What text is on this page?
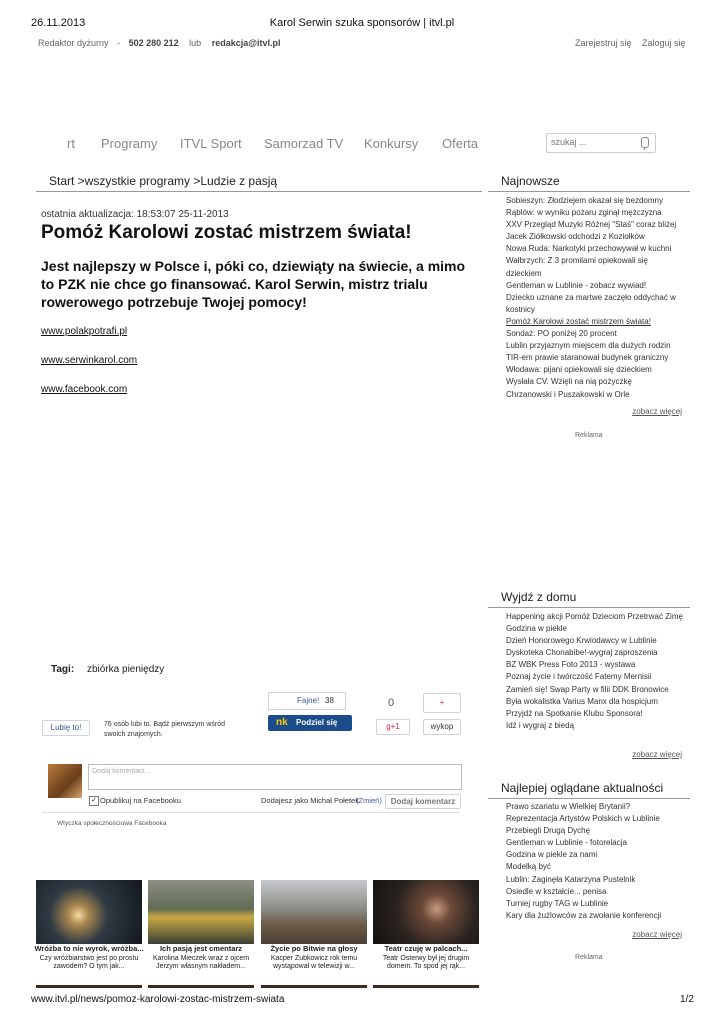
26.11.2013	Karol Serwin szuka sponsorów | itvl.pl
Redaktor dyżurny - 502 280 212 lub redakcja@itvl.pl	Zarejestruj się Zaloguj się
rt Programy ITVL Sport Samorzad TV Konkursy Oferta	szukaj ...
Start >wszystkie programy >Ludzie z pasją
ostatnia aktualizacja: 18:53:07 25-11-2013
Pomóż Karolowi zostać mistrzem świata!
Jest najlepszy w Polsce i, póki co, dziewiąty na świecie, a mimo to PZK nie chce go finansować. Karol Serwin, mistrz trialu rowerowego potrzebuje Twojej pomocy!
www.polakpotrafi.pl
www.serwinkarol.com
www.facebook.com
Tagi: zbiórka pieniędzy
Fajne! 38	0	+
Lubię to!	76 osób lubi to. Bądź pierwszym wśród swoich znajomych.
nk Podziel się	g+1	wykop
Dodaj komentarz...
✓ Opublikuj na Facebooku	Dodajesz jako Michał Połetek
(Zmień)	Dodaj komentarz
Wtyczka społecznościowa Facebooka
Najnowsze
Sobieszyn: Złodziejem okazał się bezdomny
Rąblów: w wyniku pożaru zginął mężczyzna
XXV Przegląd Muzyki Różnej "Staś" coraz bliżej
Jacek Ziółkowski odchodzi z Koziołków
Nowa Ruda: Narkotyki przechowywał w kuchni
Wałbrzych: Z 3 promilami opiekowali się dzieckiem
Gentleman w Lublinie - zobacz wywiad!
Dziecko uznane za martwe zaczęło oddychać w kostnicy
Pomóż Karolowi zostać mistrzem świata!
Sondaż: PO poniżej 20 procent
Lublin przyjaznym miejscem dla dużych rodzin
TIR-em prawie staranował budynek graniczny
Włodawa: pijani opiekowali się dzieckiem
Wysłała CV. Wzięli na nią pożyczkę
Chrzanowski i Puszakowski w Orle
zobacz więcej
Reklama
Wyjdź z domu
Happening akcji Pomóż Dzieciom Przetrwać Zimę
Godzina w piekle
Dzień Honorowego Krwiodawcy w Lublinie
Dyskoteka Chonabibe!-wygraj zaproszenia
BZ WBK Press Foto 2013 - wystawa
Poznaj życie i twórczość Fatemy Mernisii
Zamień się! Swap Party w filii DDK Bronowice
Była wokalistka Varius Manx dla hospicjum
Przyjdź na Spotkanie Klubu Sponsora!
Idź i wygraj z biedą
zobacz więcej
Najlepiej oglądane aktualności
Prawo szariatu w Wielkiej Brytanii?
Reprezentacja Artystów Polskich w Lublinie
Przebiegli Drugą Dychę
Gentleman w Lublinie - fotorelacja
Godzina w piekle za nami
Modelką być
Lublin: Zaginęła Katarzyna Pustelnik
Osiedle w kształcie... penisa
Turniej rugby TAG w Lublinie
Kary dla żużlowców za zwołanie konferencji
zobacz więcej
Reklama
Wróżba to nie wyrok, wróżba...
Czy wróżbiarstwo jest po prostu zawodem? O tym jak...
Ich pasją jest cmentarz
Karolina Mieczek wraz z ojcem Jerzym własnym nakładem...
Życie po Bitwie na głosy
Kacper Zubkowicz rok temu wystąpował w telewizji w...
Teatr czuję w palcach...
Teatr Osterwy był jej drugim domem. To spod jej rąk...
www.itvl.pl/news/pomoz-karolowi-zostac-mistrzem-swiata	1/2
